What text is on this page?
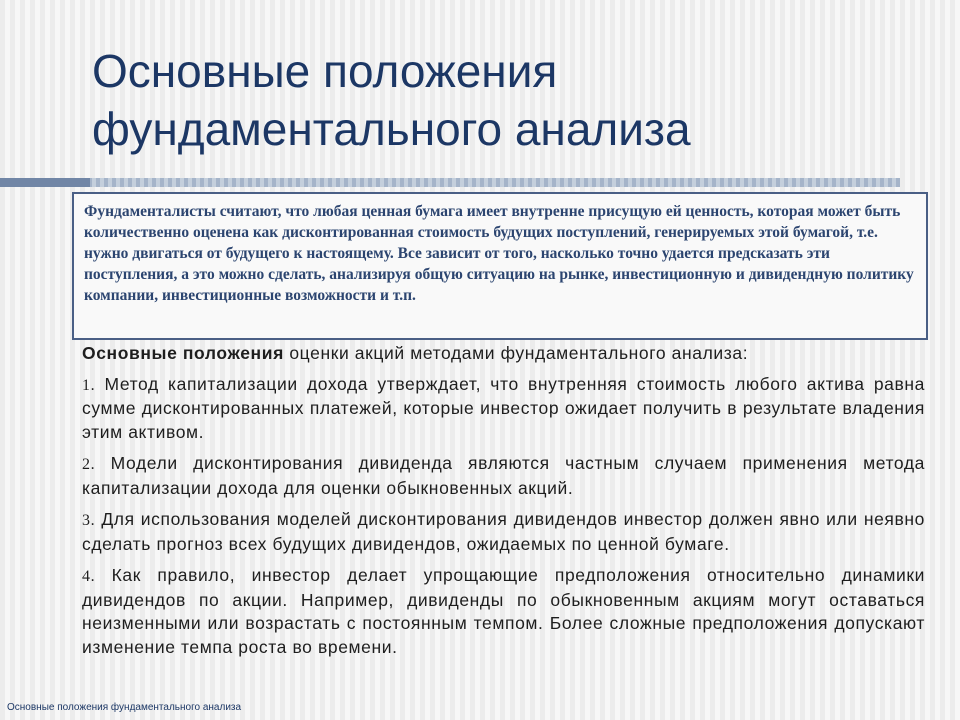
Основные положения
фундаментального анализа
Фундаменталисты считают, что любая ценная бумага имеет внутренне присущую ей ценность, которая может быть количественно оценена как дисконтированная стоимость будущих поступлений, генерируемых этой бумагой, т.е. нужно двигаться от будущего к настоящему. Все зависит от того, насколько точно удается предсказать эти поступления, а это можно сделать, анализируя общую ситуацию на рынке, инвестиционную и дивидендную политику компании, инвестиционные возможности и т.п.

Основные положения оценки акций методами фундаментального анализа:

1. Метод капитализации дохода утверждает, что внутренняя стоимость любого актива равна сумме дисконтированных платежей, которые инвестор ожидает получить в результате владения этим активом.

2. Модели дисконтирования дивиденда являются частным случаем применения метода капитализации дохода для оценки обыкновенных акций.

3. Для использования моделей дисконтирования дивидендов инвестор должен явно или неявно сделать прогноз всех будущих дивидендов, ожидаемых по ценной бумаге.

4. Как правило, инвестор делает упрощающие предположения относительно динамики дивидендов по акции. Например, дивиденды по обыкновенным акциям могут оставаться неизменными или возрастать с постоянным темпом. Более сложные предположения допускают изменение темпа роста во времени.

Основные положения фундаментального анализа
